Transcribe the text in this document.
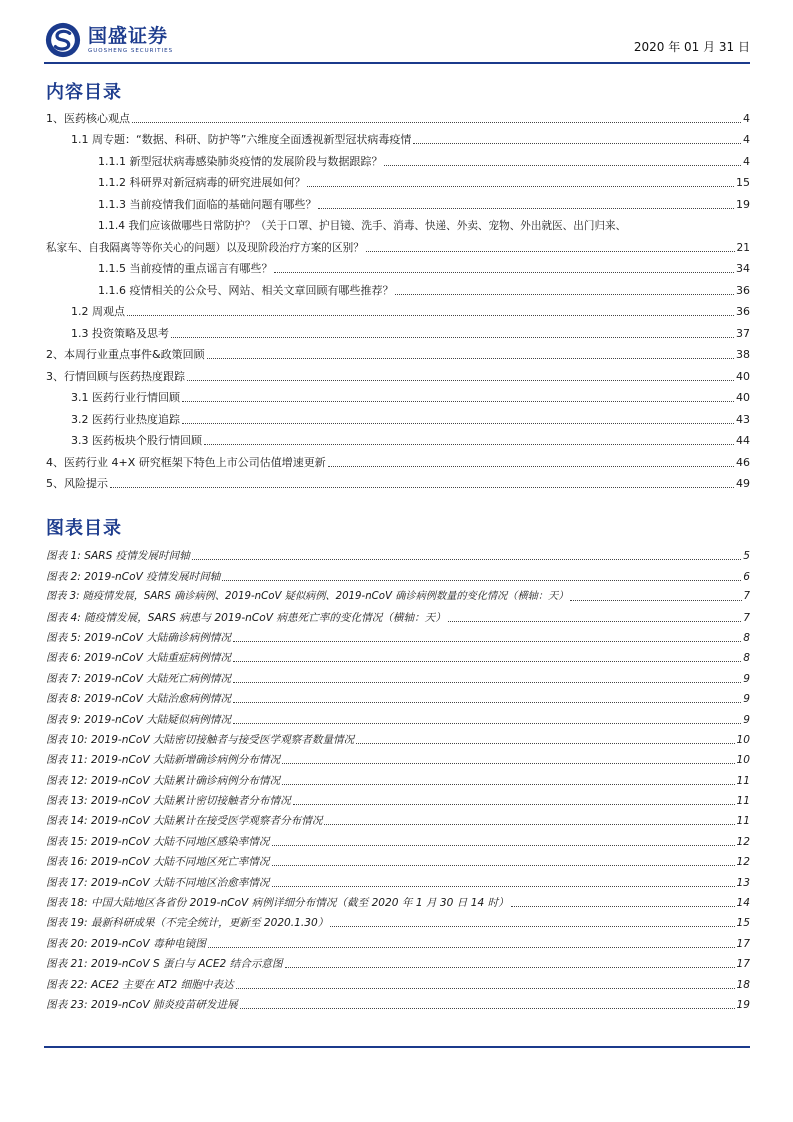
国盛证券
GUOSHENG SECURITIES	2020 年 01 月 31 日
内容目录
1、医药核心观点	4
1.1 周专题：“数据、科研、防护等”六维度全面透视新型冠状病毒疫情	4
1.1.1 新型冠状病毒感染肺炎疫情的发展阶段与数据跟踪？	4
1.1.2 科研界对新冠病毒的研究进展如何？	15
1.1.3 当前疫情我们面临的基础问题有哪些？	19
1.1.4 我们应该做哪些日常防护？（关于口罩、护目镜、洗手、消毒、快递、外卖、宠物、外出就医、出门归来、
私家车、自我隔离等等你关心的问题）以及现阶段治疗方案的区别？	21
1.1.5 当前疫情的重点谣言有哪些？	34
1.1.6 疫情相关的公众号、网站、相关文章回顾有哪些推荐？	36
1.2 周观点	36
1.3 投资策略及思考	37
2、本周行业重点事件&政策回顾	38
3、行情回顾与医药热度跟踪	40
3.1 医药行业行情回顾	40
3.2 医药行业热度追踪	43
3.3 医药板块个股行情回顾	44
4、医药行业 4+X 研究框架下特色上市公司估值增速更新	46
5、风险提示	49
图表目录
图表 1: SARS 疫情发展时间轴	5
图表 2: 2019-nCoV 疫情发展时间轴	6
图表 3: 随疫情发展，SARS 确诊病例、2019-nCoV 疑似病例、2019-nCoV 确诊病例数量的变化情况（横轴：天）	7
图表 4: 随疫情发展，SARS 病患与 2019-nCoV 病患死亡率的变化情况（横轴：天）	7
图表 5: 2019-nCoV 大陆确诊病例情况	8
图表 6: 2019-nCoV 大陆重症病例情况	8
图表 7: 2019-nCoV 大陆死亡病例情况	9
图表 8: 2019-nCoV 大陆治愈病例情况	9
图表 9: 2019-nCoV 大陆疑似病例情况	9
图表 10: 2019-nCoV 大陆密切接触者与接受医学观察者数量情况	10
图表 11: 2019-nCoV 大陆新增确诊病例分布情况	10
图表 12: 2019-nCoV 大陆累计确诊病例分布情况	11
图表 13: 2019-nCoV 大陆累计密切接触者分布情况	11
图表 14: 2019-nCoV 大陆累计在接受医学观察者分布情况	11
图表 15: 2019-nCoV 大陆不同地区感染率情况	12
图表 16: 2019-nCoV 大陆不同地区死亡率情况	12
图表 17: 2019-nCoV 大陆不同地区治愈率情况	13
图表 18: 中国大陆地区各省份 2019-nCoV 病例详细分布情况（截至 2020 年 1 月 30 日 14 时）	14
图表 19: 最新科研成果（不完全统计，更新至 2020.1.30）	15
图表 20: 2019-nCoV 毒种电镜图	17
图表 21: 2019-nCoV S 蛋白与 ACE2 结合示意图	17
图表 22: ACE2 主要在 AT2 细胞中表达	18
图表 23: 2019-nCoV 肺炎疫苗研发进展	19
